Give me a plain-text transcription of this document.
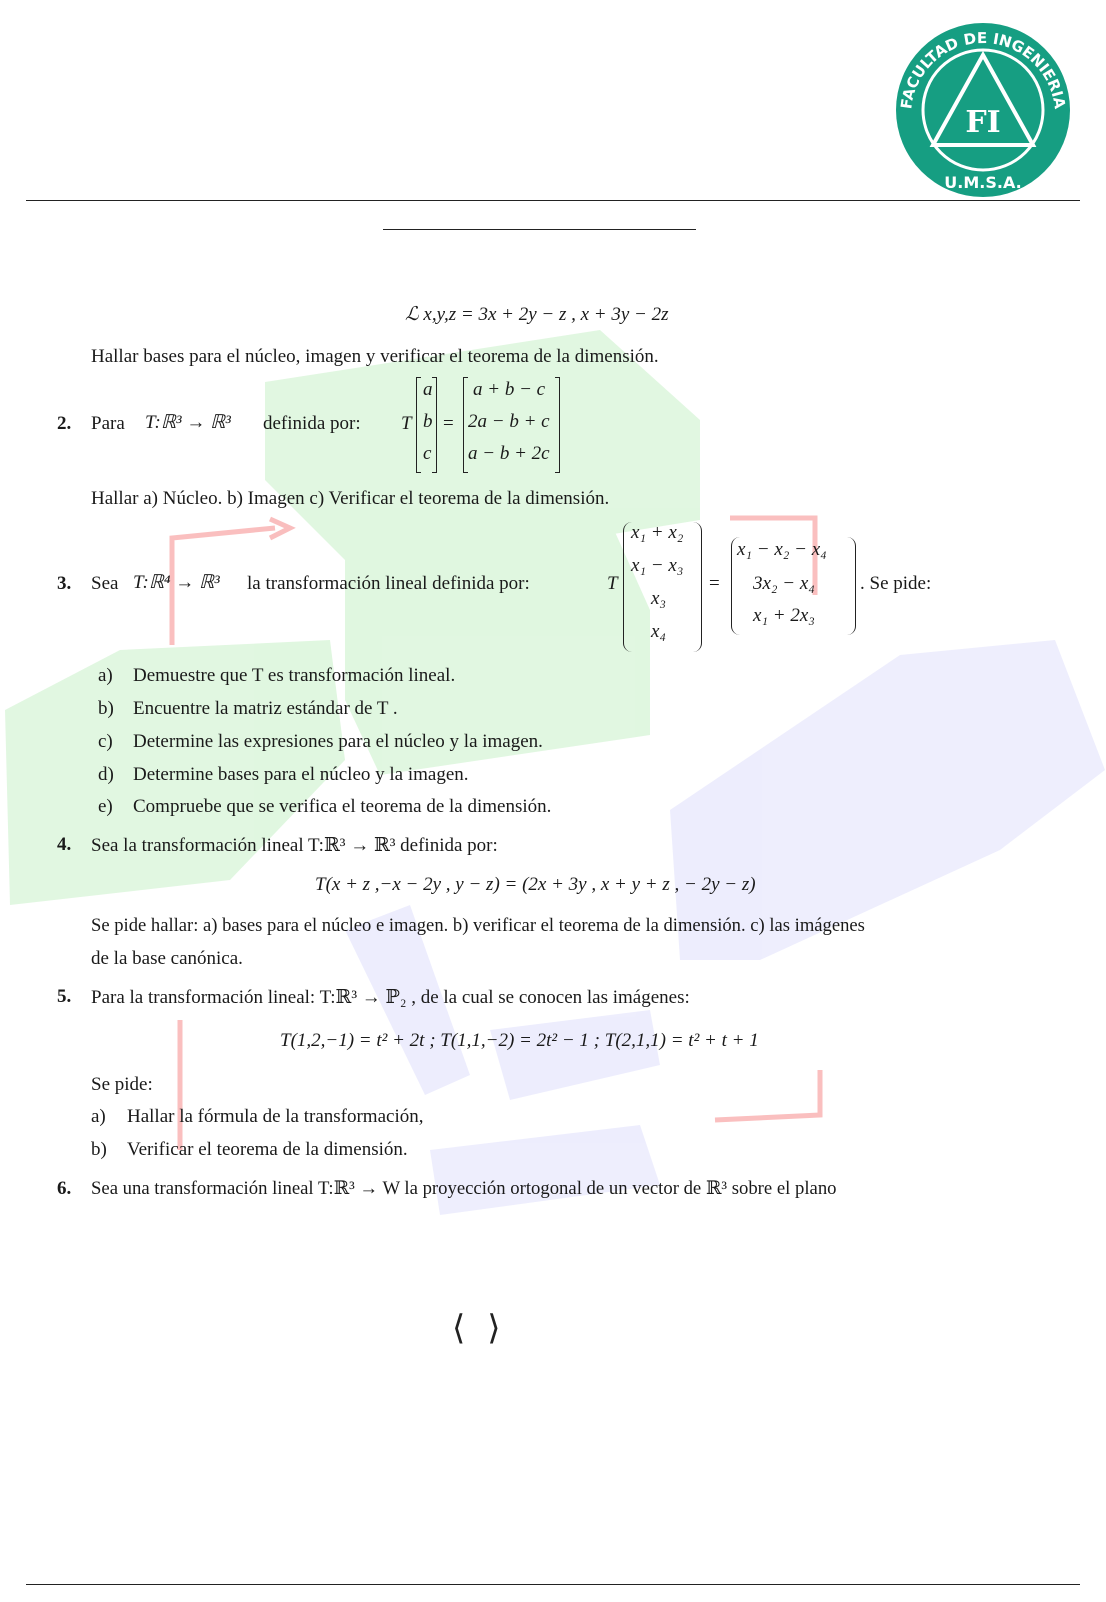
FI
FACULTAD DE INGENIERIA
U.M.S.A.
ℒ x,y,z = 3x + 2y − z , x + 3y − 2z
Hallar bases para el núcleo, imagen y verificar el teorema de la dimensión.
2. Para T:ℝ³ → ℝ³ definida por: T
a
b
c
=
a + b − c
2a − b + c
a − b + 2c
Hallar a) Núcleo. b) Imagen c) Verificar el teorema de la dimensión.
3. Sea T:ℝ⁴ → ℝ³ la transformación lineal definida por:	T
x₁ + x₂
x₁ − x₃
x₃
x₄
=
x₁ − x₂ − x₄
3x₂ − x₄
x₁ + 2x₃
. Se pide:
a) Demuestre que T es transformación lineal.
b) Encuentre la matriz estándar de T .
c) Determine las expresiones para el núcleo y la imagen.
d) Determine bases para el núcleo y la imagen.
e) Compruebe que se verifica el teorema de la dimensión.
4. Sea la transformación lineal T:ℝ³ → ℝ³ definida por:
T(x + z ,−x − 2y , y − z) = (2x + 3y , x + y + z , − 2y − z)
Se pide hallar: a) bases para el núcleo e imagen. b) verificar el teorema de la dimensión. c) las imágenes
de la base canónica.
5. Para la transformación lineal: T:ℝ³ → ℙ₂ , de la cual se conocen las imágenes:
T(1,2,−1) = t² + 2t ; T(1,1,−2) = 2t² − 1 ; T(2,1,1) = t² + t + 1
Se pide:
a) Hallar la fórmula de la transformación,
b) Verificar el teorema de la dimensión.
6. Sea una transformación lineal T:ℝ³ → W la proyección ortogonal de un vector de ℝ³ sobre el plano
⟨⟩
